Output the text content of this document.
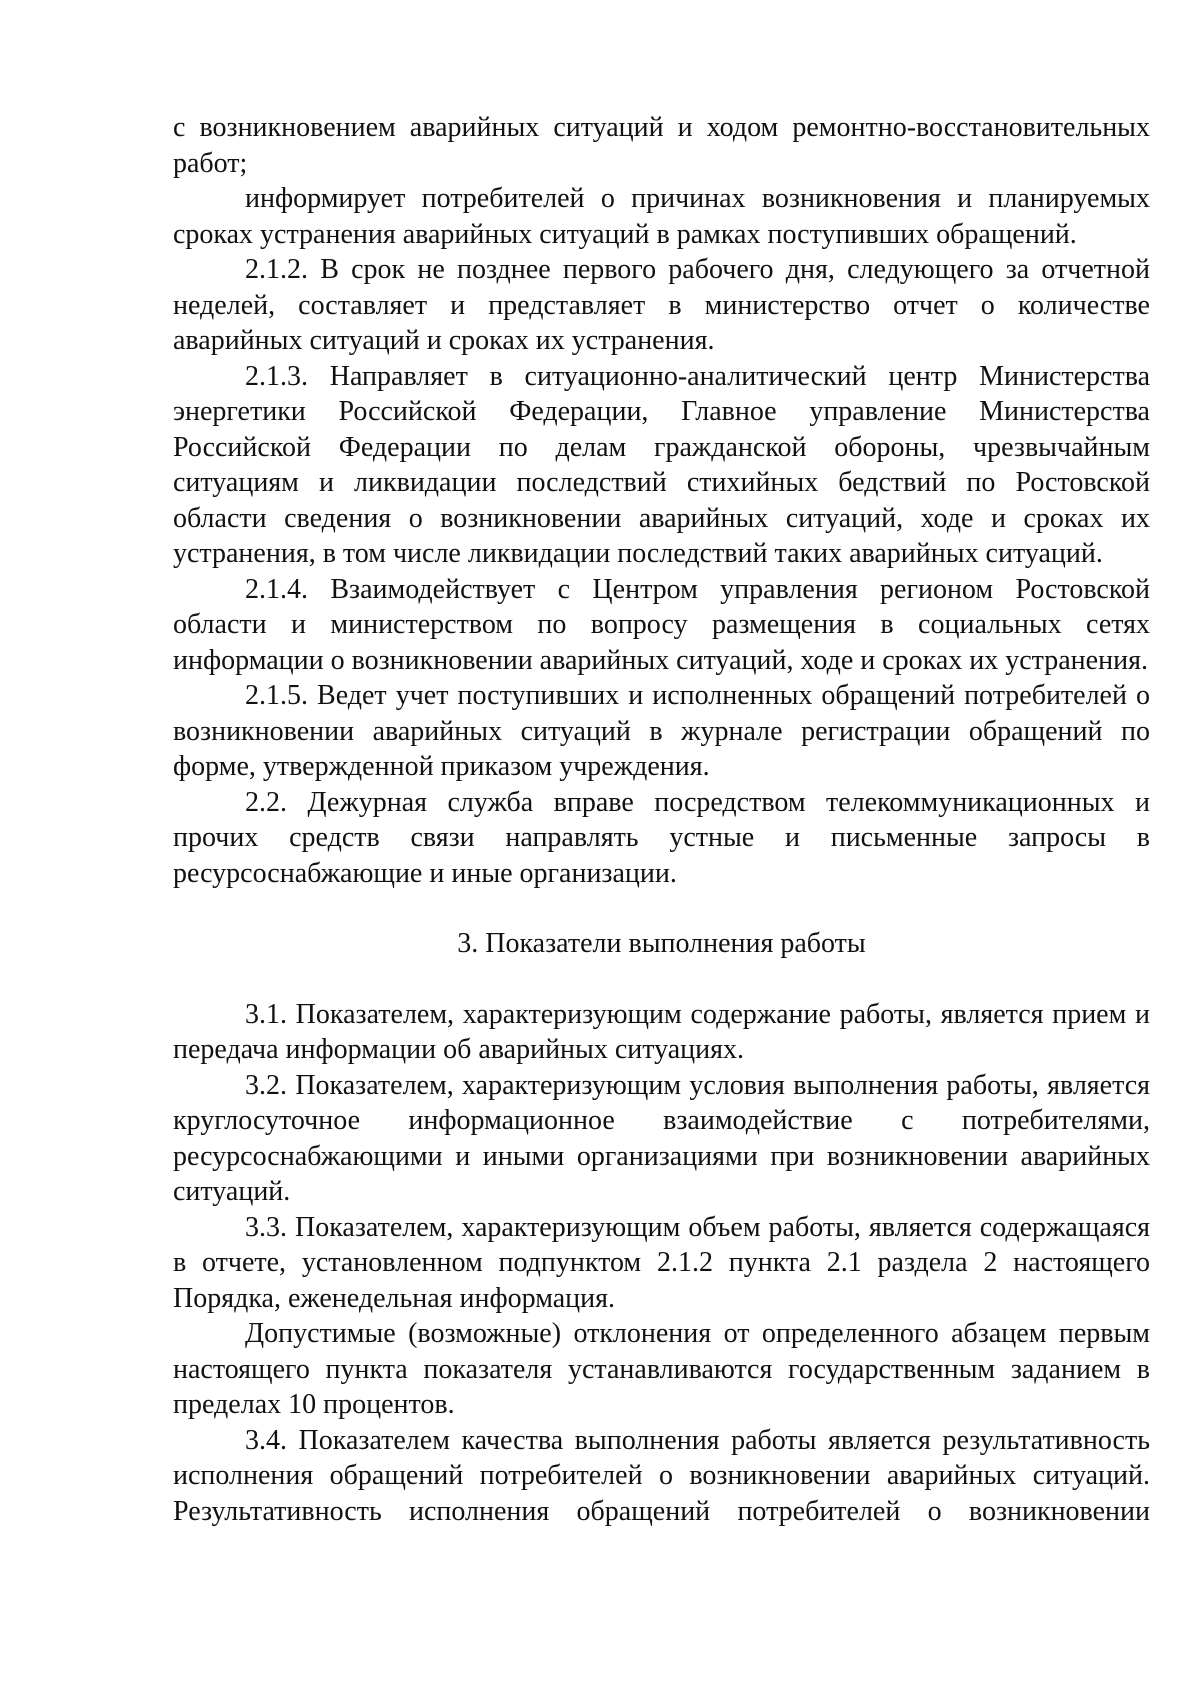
с возникновением аварийных ситуаций и ходом ремонтно-восстановительных работ;

информирует потребителей о причинах возникновения и планируемых сроках устранения аварийных ситуаций в рамках поступивших обращений.

2.1.2. В срок не позднее первого рабочего дня, следующего за отчетной неделей, составляет и представляет в министерство отчет о количестве аварийных ситуаций и сроках их устранения.

2.1.3. Направляет в ситуационно-аналитический центр Министерства энергетики Российской Федерации, Главное управление Министерства Российской Федерации по делам гражданской обороны, чрезвычайным ситуациям и ликвидации последствий стихийных бедствий по Ростовской области сведения о возникновении аварийных ситуаций, ходе и сроках их устранения, в том числе ликвидации последствий таких аварийных ситуаций.

2.1.4. Взаимодействует с Центром управления регионом Ростовской области и министерством по вопросу размещения в социальных сетях информации о возникновении аварийных ситуаций, ходе и сроках их устранения.

2.1.5. Ведет учет поступивших и исполненных обращений потребителей о возникновении аварийных ситуаций в журнале регистрации обращений по форме, утвержденной приказом учреждения.

2.2. Дежурная служба вправе посредством телекоммуникационных и прочих средств связи направлять устные и письменные запросы в ресурсоснабжающие и иные организации.

3. Показатели выполнения работы

3.1. Показателем, характеризующим содержание работы, является прием и передача информации об аварийных ситуациях.

3.2. Показателем, характеризующим условия выполнения работы, является круглосуточное информационное взаимодействие с потребителями, ресурсоснабжающими и иными организациями при возникновении аварийных ситуаций.

3.3. Показателем, характеризующим объем работы, является содержащаяся в отчете, установленном подпунктом 2.1.2 пункта 2.1 раздела 2 настоящего Порядка, еженедельная информация.

Допустимые (возможные) отклонения от определенного абзацем первым настоящего пункта показателя устанавливаются государственным заданием в пределах 10 процентов.

3.4. Показателем качества выполнения работы является результативность исполнения обращений потребителей о возникновении аварийных ситуаций. Результативность исполнения обращений потребителей о возникновении
